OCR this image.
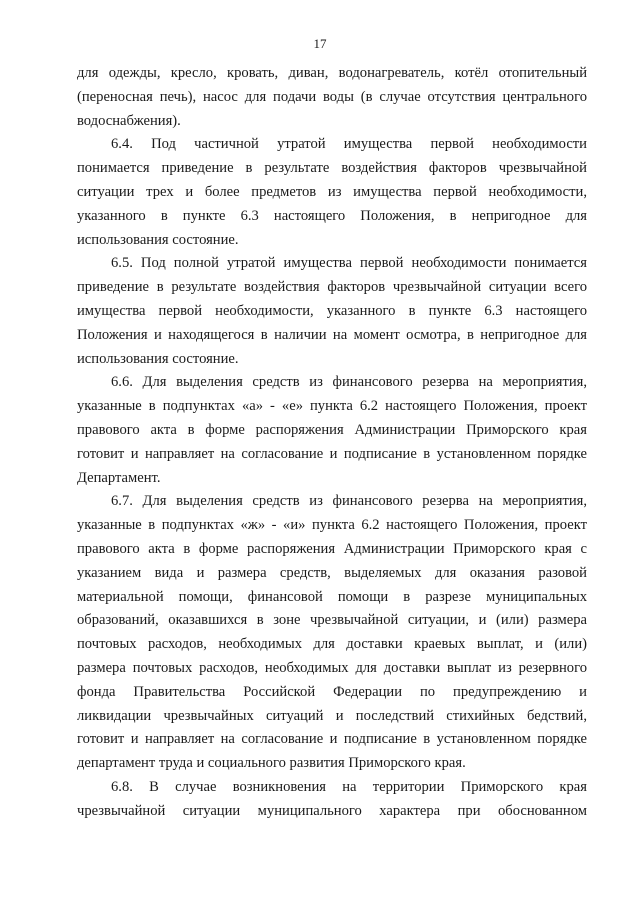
17

для одежды, кресло, кровать, диван, водонагреватель, котёл отопительный
(переносная печь), насос для подачи воды (в случае отсутствия центрального
водоснабжения).

6.4. Под частичной утратой имущества первой необходимости
понимается приведение в результате воздействия факторов чрезвычайной
ситуации трех и более предметов из имущества первой необходимости,
указанного в пункте 6.3 настоящего Положения, в непригодное для
использования состояние.

6.5. Под полной утратой имущества первой необходимости понимается
приведение в результате воздействия факторов чрезвычайной ситуации всего
имущества первой необходимости, указанного в пункте 6.3 настоящего
Положения и находящегося в наличии на момент осмотра, в непригодное для
использования состояние.

6.6. Для выделения средств из финансового резерва на мероприятия,
указанные в подпунктах «а» - «е» пункта 6.2 настоящего Положения, проект
правового акта в форме распоряжения Администрации Приморского края
готовит и направляет на согласование и подписание в установленном порядке
Департамент.

6.7. Для выделения средств из финансового резерва на мероприятия,
указанные в подпунктах «ж» - «и» пункта 6.2 настоящего Положения, проект
правового акта в форме распоряжения Администрации Приморского края с
указанием вида и размера средств, выделяемых для оказания разовой
материальной помощи, финансовой помощи в разрезе муниципальных
образований, оказавшихся в зоне чрезвычайной ситуации, и (или) размера
почтовых расходов, необходимых для доставки краевых выплат, и (или)
размера почтовых расходов, необходимых для доставки выплат из резервного
фонда Правительства Российской Федерации по предупреждению и
ликвидации чрезвычайных ситуаций и последствий стихийных бедствий,
готовит и направляет на согласование и подписание в установленном порядке
департамент труда и социального развития Приморского края.

6.8. В случае возникновения на территории Приморского края
чрезвычайной ситуации муниципального характера при обоснованном
